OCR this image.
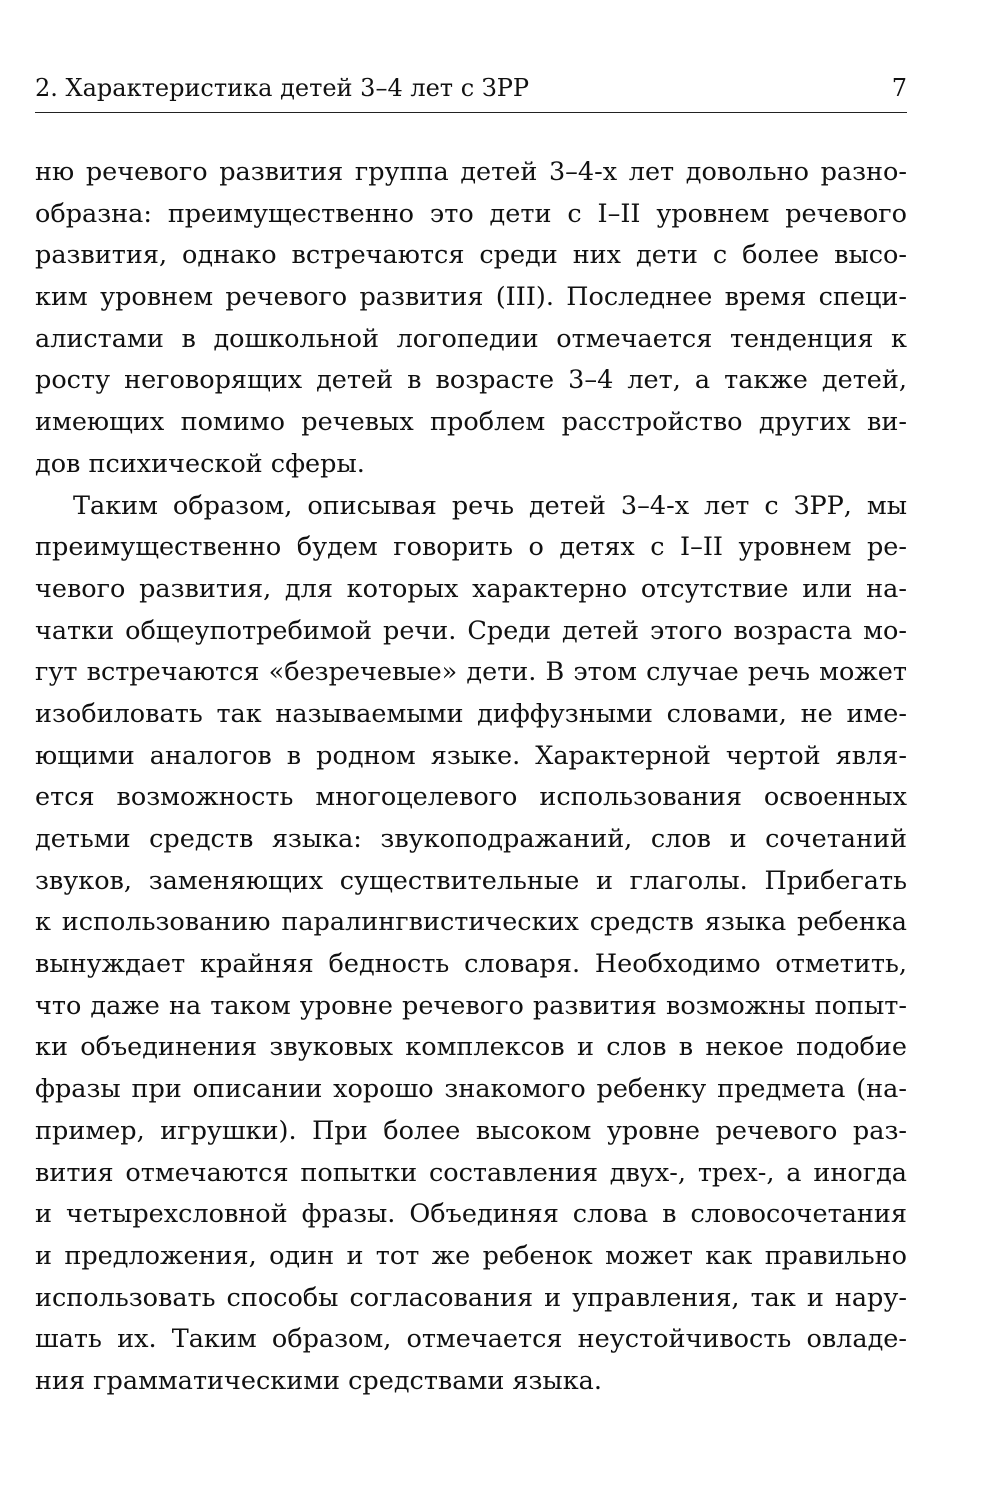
2. Характеристика детей 3–4 лет с ЗРР	7
ню речевого развития группа детей 3–4-х лет довольно разно-
образна: преимущественно это дети с I–II уровнем речевого
развития, однако встречаются среди них дети с более высо-
ким уровнем речевого развития (III). Последнее время специ-
алистами в дошкольной логопедии отмечается тенденция к
росту неговорящих детей в возрасте 3–4 лет, а также детей,
имеющих помимо речевых проблем расстройство других ви-
дов психической сферы.
Таким образом, описывая речь детей 3–4-х лет с ЗРР, мы
преимущественно будем говорить о детях с I–II уровнем ре-
чевого развития, для которых характерно отсутствие или на-
чатки общеупотребимой речи. Среди детей этого возраста мо-
гут встречаются «безречевые» дети. В этом случае речь может
изобиловать так называемыми диффузными словами, не име-
ющими аналогов в родном языке. Характерной чертой явля-
ется возможность многоцелевого использования освоенных
детьми средств языка: звукоподражаний, слов и сочетаний
звуков, заменяющих существительные и глаголы. Прибегать
к использованию паралингвистических средств языка ребенка
вынуждает крайняя бедность словаря. Необходимо отметить,
что даже на таком уровне речевого развития возможны попыт-
ки объединения звуковых комплексов и слов в некое подобие
фразы при описании хорошо знакомого ребенку предмета (на-
пример, игрушки). При более высоком уровне речевого раз-
вития отмечаются попытки составления двух-, трех-, а иногда
и четырехсловной фразы. Объединяя слова в словосочетания
и предложения, один и тот же ребенок может как правильно
использовать способы согласования и управления, так и нару-
шать их. Таким образом, отмечается неустойчивость овладе-
ния грамматическими средствами языка.
